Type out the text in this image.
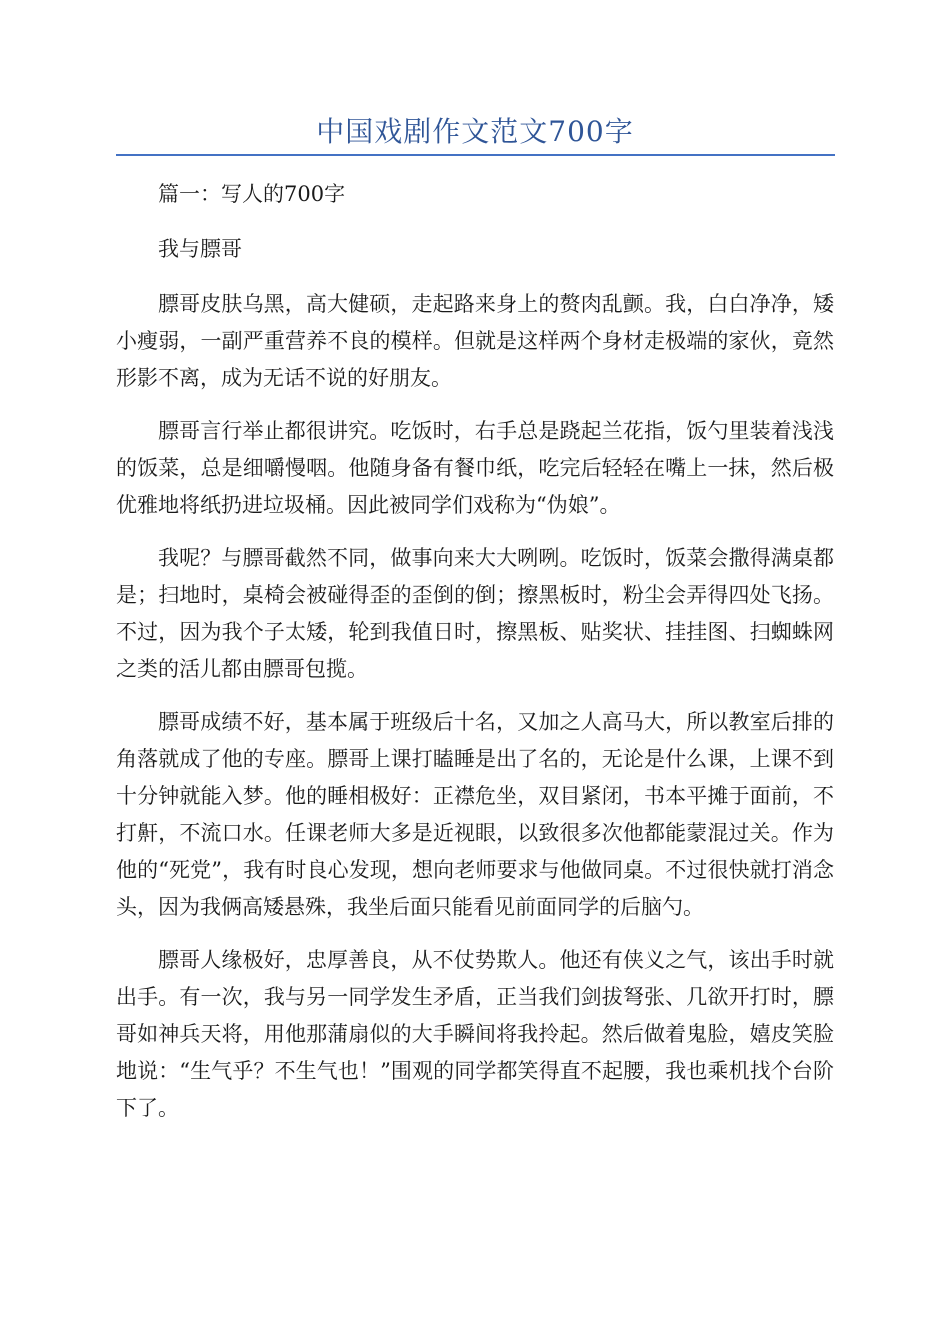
中国戏剧作文范文700字

篇一：写人的700字

我与膘哥

膘哥皮肤乌黑，高大健硕，走起路来身上的赘肉乱颤。我，白白净净，矮小瘦弱，一副严重营养不良的模样。但就是这样两个身材走极端的家伙，竟然形影不离，成为无话不说的好朋友。

膘哥言行举止都很讲究。吃饭时，右手总是跷起兰花指，饭勺里装着浅浅的饭菜，总是细嚼慢咽。他随身备有餐巾纸，吃完后轻轻在嘴上一抹，然后极优雅地将纸扔进垃圾桶。因此被同学们戏称为“伪娘”。

我呢？与膘哥截然不同，做事向来大大咧咧。吃饭时，饭菜会撒得满桌都是；扫地时，桌椅会被碰得歪的歪倒的倒；擦黑板时，粉尘会弄得四处飞扬。不过，因为我个子太矮，轮到我值日时，擦黑板、贴奖状、挂挂图、扫蜘蛛网之类的活儿都由膘哥包揽。

膘哥成绩不好，基本属于班级后十名，又加之人高马大，所以教室后排的角落就成了他的专座。膘哥上课打瞌睡是出了名的，无论是什么课，上课不到十分钟就能入梦。他的睡相极好：正襟危坐，双目紧闭，书本平摊于面前，不打鼾，不流口水。任课老师大多是近视眼，以致很多次他都能蒙混过关。作为他的“死党”，我有时良心发现，想向老师要求与他做同桌。不过很快就打消念头，因为我俩高矮悬殊，我坐后面只能看见前面同学的后脑勺。

膘哥人缘极好，忠厚善良，从不仗势欺人。他还有侠义之气，该出手时就出手。有一次，我与另一同学发生矛盾，正当我们剑拔弩张、几欲开打时，膘哥如神兵天将，用他那蒲扇似的大手瞬间将我拎起。然后做着鬼脸，嬉皮笑脸地说：“生气乎？不生气也！”围观的同学都笑得直不起腰，我也乘机找个台阶下了。
